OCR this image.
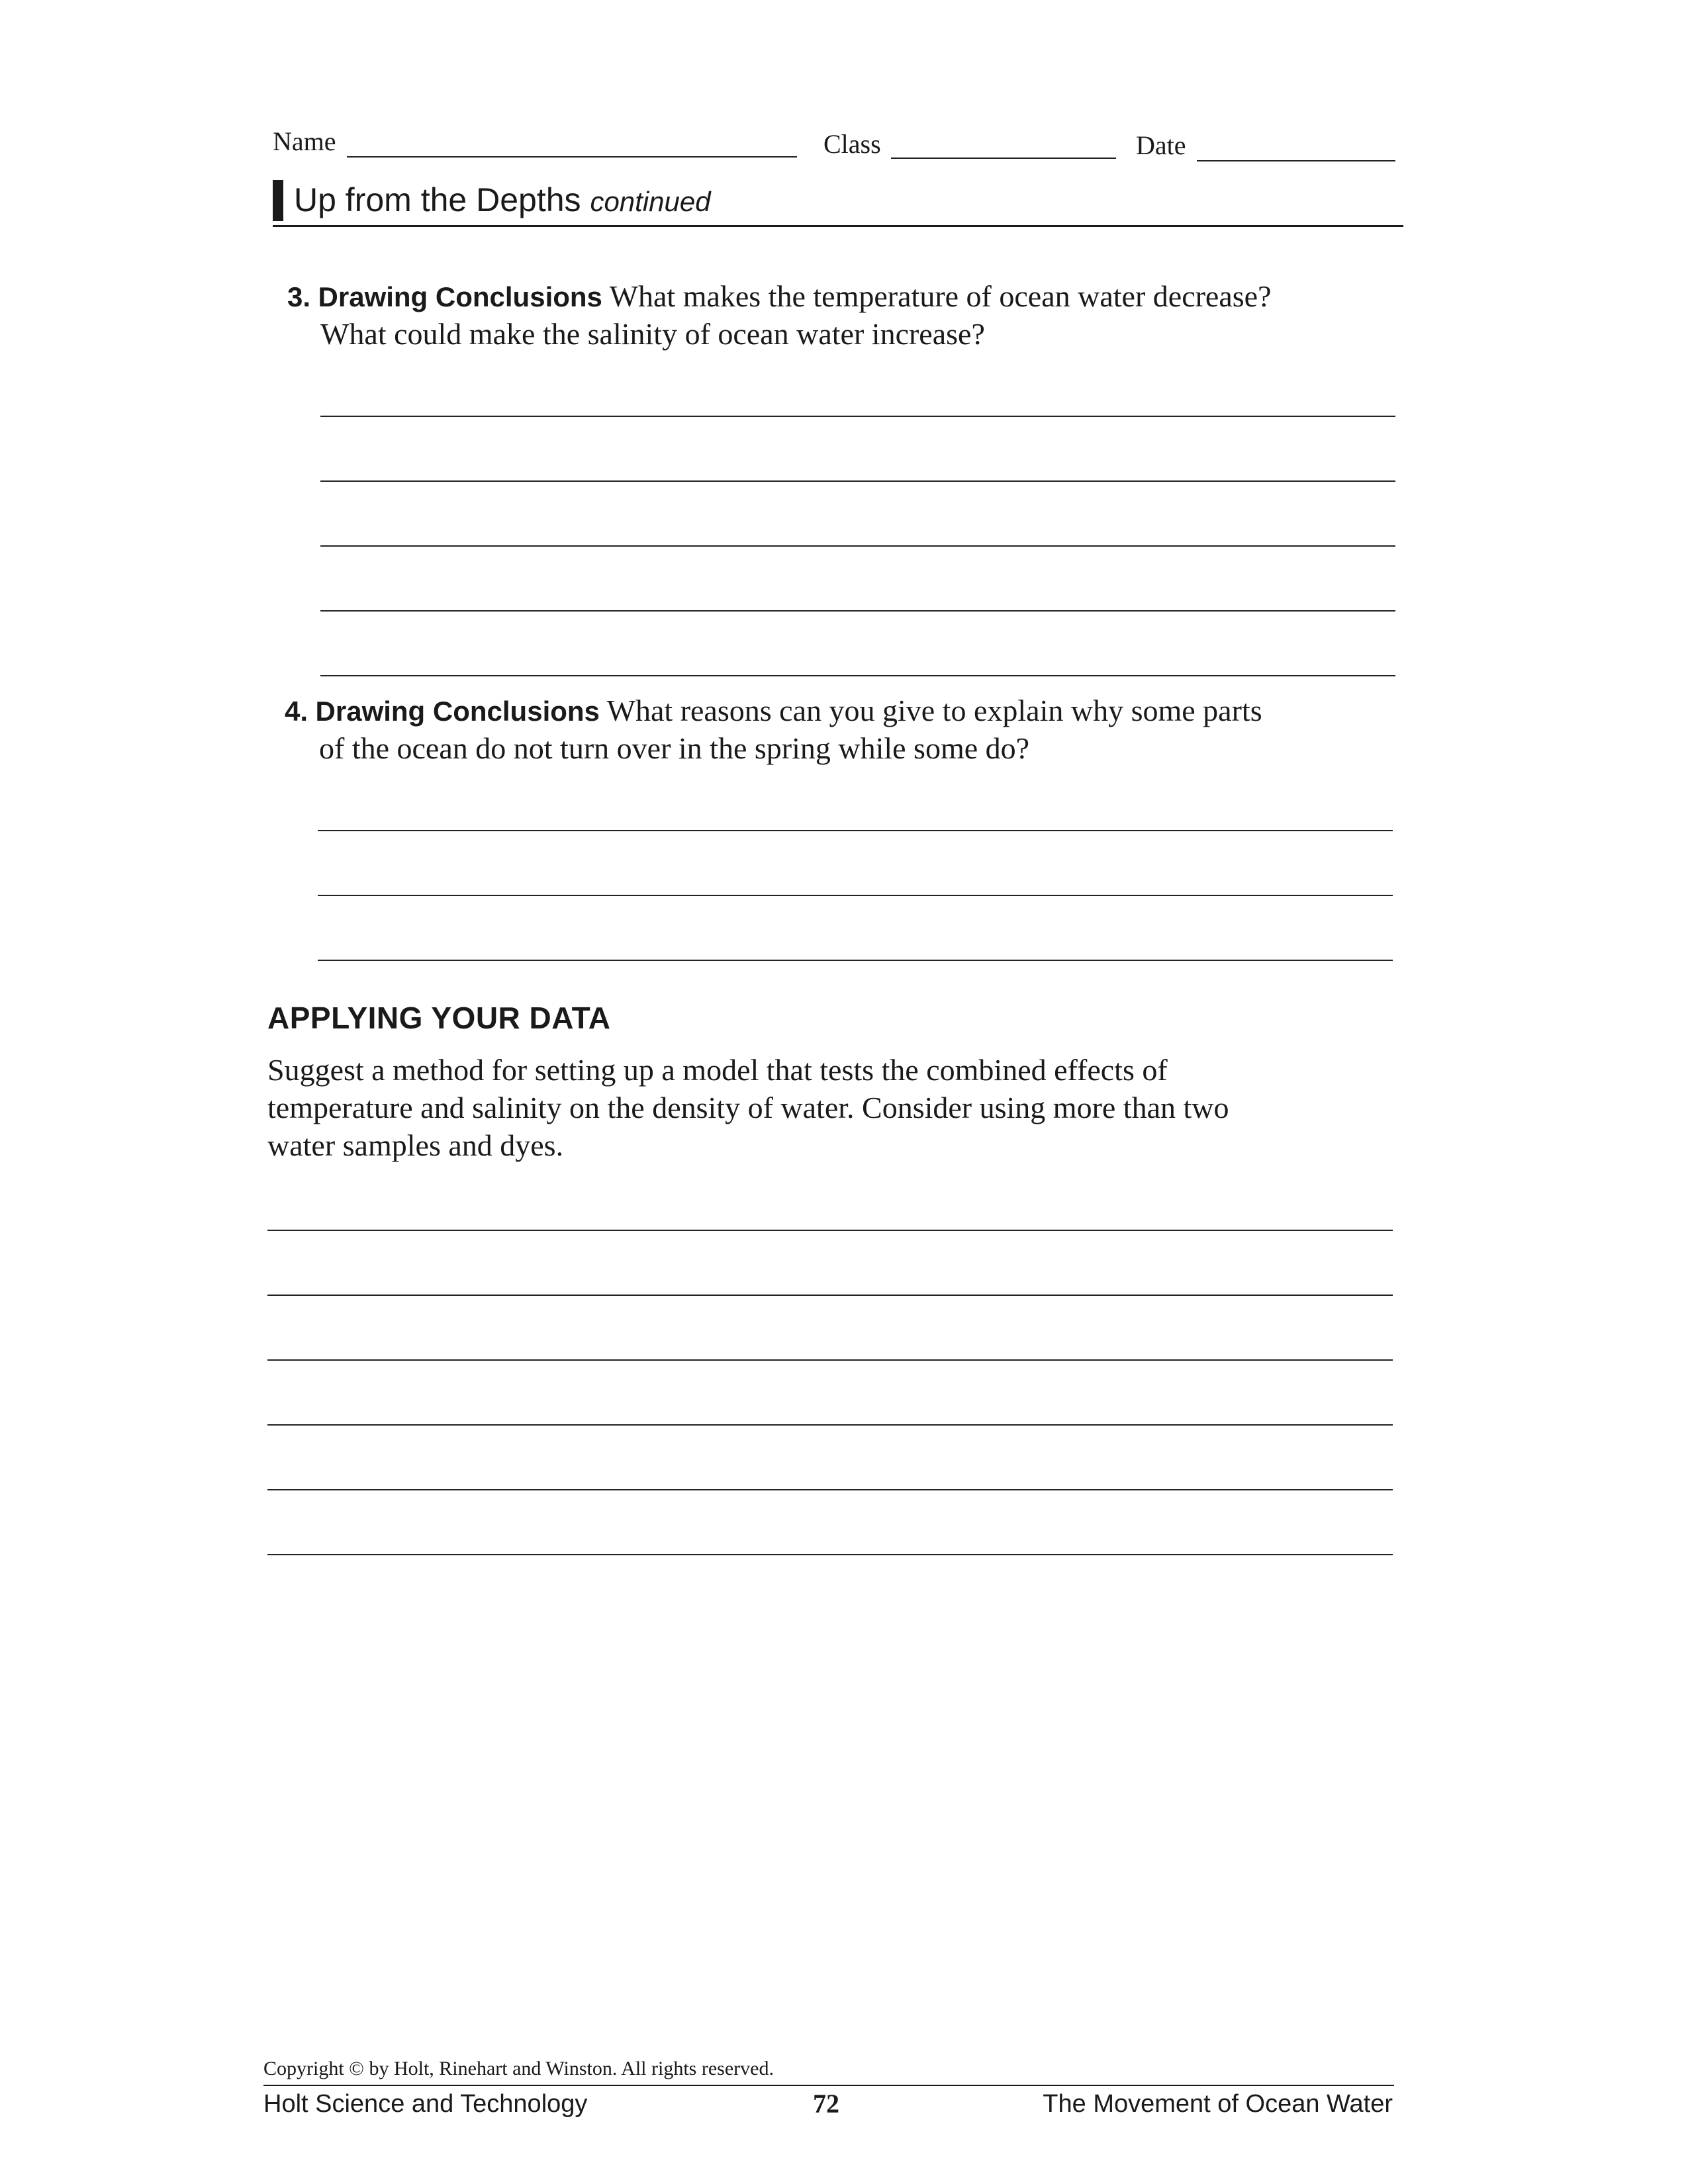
Name	Class	Date
Up from the Depths continued
3. Drawing Conclusions What makes the temperature of ocean water decrease?
What could make the salinity of ocean water increase?
4. Drawing Conclusions What reasons can you give to explain why some parts
of the ocean do not turn over in the spring while some do?
APPLYING YOUR DATA
Suggest a method for setting up a model that tests the combined effects of
temperature and salinity on the density of water. Consider using more than two
water samples and dyes.
Copyright © by Holt, Rinehart and Winston. All rights reserved.
Holt Science and Technology	72	The Movement of Ocean Water
